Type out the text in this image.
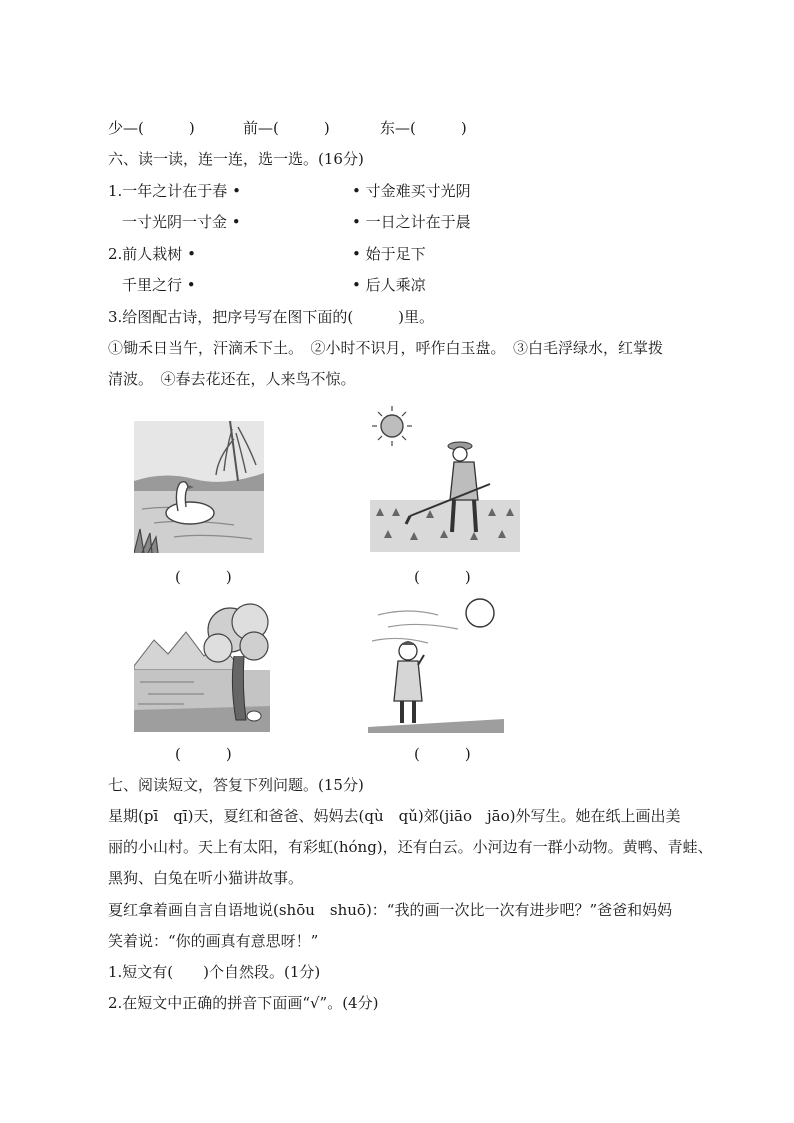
少—(　　　)	前—(　　　)	东—(　　　)
六、读一读，连一连，选一选。(16分)
1.一年之计在于春 •	• 寸金难买寸光阴
一寸光阴一寸金 •	• 一日之计在于晨
2.前人栽树 •	• 始于足下
千里之行 •	• 后人乘凉
3.给图配古诗，把序号写在图下面的(　　　)里。
①锄禾日当午，汗滴禾下土。　②小时不识月，呼作白玉盘。　③白毛浮绿水，红掌拨
清波。　④春去花还在，人来鸟不惊。
(　　　)	(　　　)
(　　　)	(　　　)
七、阅读短文，答复下列问题。(15分)
星期(pī　qī)天，夏红和爸爸、妈妈去(qù　qǔ)郊(jiāo　jāo)外写生。她在纸上画出美
丽的小山村。天上有太阳，有彩虹(hóng)，还有白云。小河边有一群小动物。黄鸭、青蛙、
黑狗、白兔在听小猫讲故事。
夏红拿着画自言自语地说(shōu　shuō)：“我的画一次比一次有进步吧？”爸爸和妈妈
笑着说：“你的画真有意思呀！”
1.短文有(　　)个自然段。(1分)
2.在短文中正确的拼音下面画“√”。(4分)
